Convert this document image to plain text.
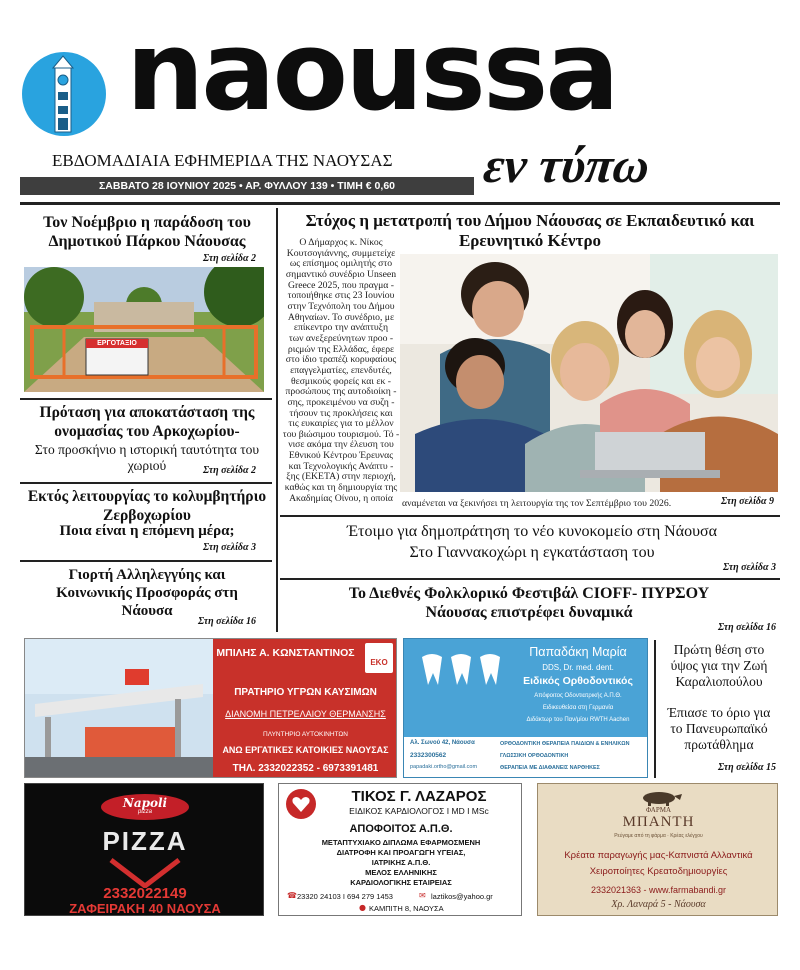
naoussa
ΕΒΔΟΜΑΔΙΑΙΑ ΕΦΗΜΕΡΙΔΑ ΤΗΣ ΝΑΟΥΣΑΣ
ΣΑΒΒΑΤΟ 28 ΙΟΥΝΙΟΥ 2025 • ΑΡ. ΦΥΛΛΟΥ 139 • ΤΙΜΗ € 0,60	εν τύπω
Τον Νοέμβριο η παράδοση του Δημοτικού Πάρκου Νάουσας
Στη σελίδα 2
ΕΡΓΟΤΑΞΙΟ
Πρόταση για αποκατάσταση της ονομασίας του Αρκοχωρίου-
Στο προσκήνιο η ιστορική ταυτότητα του χωριού	Στη σελίδα 2
Εκτός λειτουργίας το κολυμβητήριο Ζερβοχωρίου
Ποια είναι η επόμενη μέρα;
Στη σελίδα 3
Γιορτή Αλληλεγγύης και Κοινωνικής Προσφοράς στη Νάουσα
Στη σελίδα 16
Στόχος η μετατροπή του Δήμου Νάουσας σε Εκπαιδευτικό και Ερευνητικό Κέντρο
Ο Δήμαρχος κ. Νίκος
Κουτσογιάννης, συμμετείχε
ως επίσημος ομιλητής στο
σημαντικό συνέδριο Unseen
Greece 2025, που πραγμα -
τοποιήθηκε στις 23 Ιουνίου
στην Τεχνόπολη του Δήμου
Αθηναίων. Το συνέδριο, με
επίκεντρο την ανάπτυξη
των ανεξερεύνητων προο -
ριςμών της Ελλάδας, έφερε
στο ίδιο τραπέζι κορυφαίους
επαγγελματίες, επενδυτές,
θεσμικούς φορείς και εκ -
προσώπους της αυτοδιοίκη -
σης, προκειμένου να συζη -
τήσουν τις προκλήσεις και
τις ευκαιρίες για το μέλλον
του βιώσιμου τουρισμού. Τό -
νισε ακόμα την έλευση του
Εθνικού Κέντρου Έρευνας
και Τεχνολογικής Ανάπτυ -
ξης (ΕΚΕΤΑ) στην περιοχή,
καθώς και τη δημιουργία της
Ακαδημίας Οίνου, η οποία αναμένεται να ξεκινήσει τη λειτουργία της τον Σεπτέμβριο του 2026.	Στη σελίδα 9
Έτοιμο για δημοπράτηση το νέο κυνοκομείο στη Νάουσα
Στο Γιαννακοχώρι η εγκατάσταση του
Στη σελίδα 3
Το Διεθνές Φολκλορικό Φεστιβάλ CIOFF- ΠΥΡΣΟΥ Νάουσας επιστρέφει δυναμικά
Στη σελίδα 16
ΜΠΙΛΗΣ Α. ΚΩΝΣΤΑΝΤΙΝΟΣ
EKO
ΠΡΑΤΗΡΙΟ ΥΓΡΩΝ ΚΑΥΣΙΜΩΝ
ΔΙΑΝΟΜΗ ΠΕΤΡΕΛΑΙΟΥ ΘΕΡΜΑΝΣΗΣ
ΠΛΥΝΤΗΡΙΟ ΑΥΤΟΚΙΝΗΤΩΝ
ΑΝΩ ΕΡΓΑΤΙΚΕΣ ΚΑΤΟΙΚΙΕΣ ΝΑΟΥΣΑΣ
ΤΗΛ. 2332022352 - 6973391481
Παπαδάκη Μαρία
DDS, Dr. med. dent.
Ειδικός Ορθοδοντικός
Απόφοιτος Οδοντιατρικής Α.Π.Θ.
Ειδικευθείσα στη Γερμανία
Διδάκτωρ του Παν/μίου RWTH Aachen
Αλ. Σωνού 42, Νάουσα
2332300562
papadaki.ortho@gmail.com
ΟΡΘΟΔΟΝΤΙΚΗ ΘΕΡΑΠΕΙΑ ΠΑΙΔΙΩΝ & ΕΝΗΛΙΚΩΝ
ΓΛΩΣΣΙΚΗ ΟΡΘΟΔΟΝΤΙΚΗ
ΘΕΡΑΠΕΙΑ ΜΕ ΔΙΑΦΑΝΕΙΣ ΝΑΡΘΗΚΕΣ
Πρώτη θέση στο ύψος για την Ζωή Καραλιοπούλου
Έπιασε το όριο για το Πανευρωπαϊκό πρωτάθλημα
Στη σελίδα 15
Napoli
pizza
PIZZA
2332022149
ΖΑΦΕΙΡΑΚΗ 40 ΝΑΟΥΣΑ
ΤΙΚΟΣ Γ. ΛΑΖΑΡΟΣ
ΕΙΔΙΚΟΣ ΚΑΡΔΙΟΛΟΓΟΣ I MD I MSc
ΑΠΟΦΟΙΤΟΣ Α.Π.Θ.
ΜΕΤΑΠΤΥΧΙΑΚΟ ΔΙΠΛΩΜΑ ΕΦΑΡΜΟΣΜΕΝΗ
ΔΙΑΤΡΟΦΗ ΚΑΙ ΠΡΟΑΓΩΓΗ ΥΓΕΙΑΣ,
ΙΑΤΡΙΚΗΣ Α.Π.Θ.
ΜΕΛΟΣ ΕΛΛΗΝΙΚΗΣ
ΚΑΡΔΙΟΛΟΓΙΚΗΣ ΕΤΑΙΡΕΙΑΣ
☎ 23320 24103 I 694 279 1453	✉ laztikos@yahoo.gr
● ΚΑΜΠΙΤΗ 8, ΝΑΟΥΣΑ
ΦΑΡΜΑ
ΜΠΑΝΤΗ
Ρεύγαμε από τη φάρμα · Κρέας ελέγχου
Κρέατα παραγωγής μας-Καπνιστά Αλλαντικά
Χειροποίητες Κρεατοδημιουργίες
2332021363 - www.farmabandi.gr
Χρ. Λαναρά 5 - Νάουσα
